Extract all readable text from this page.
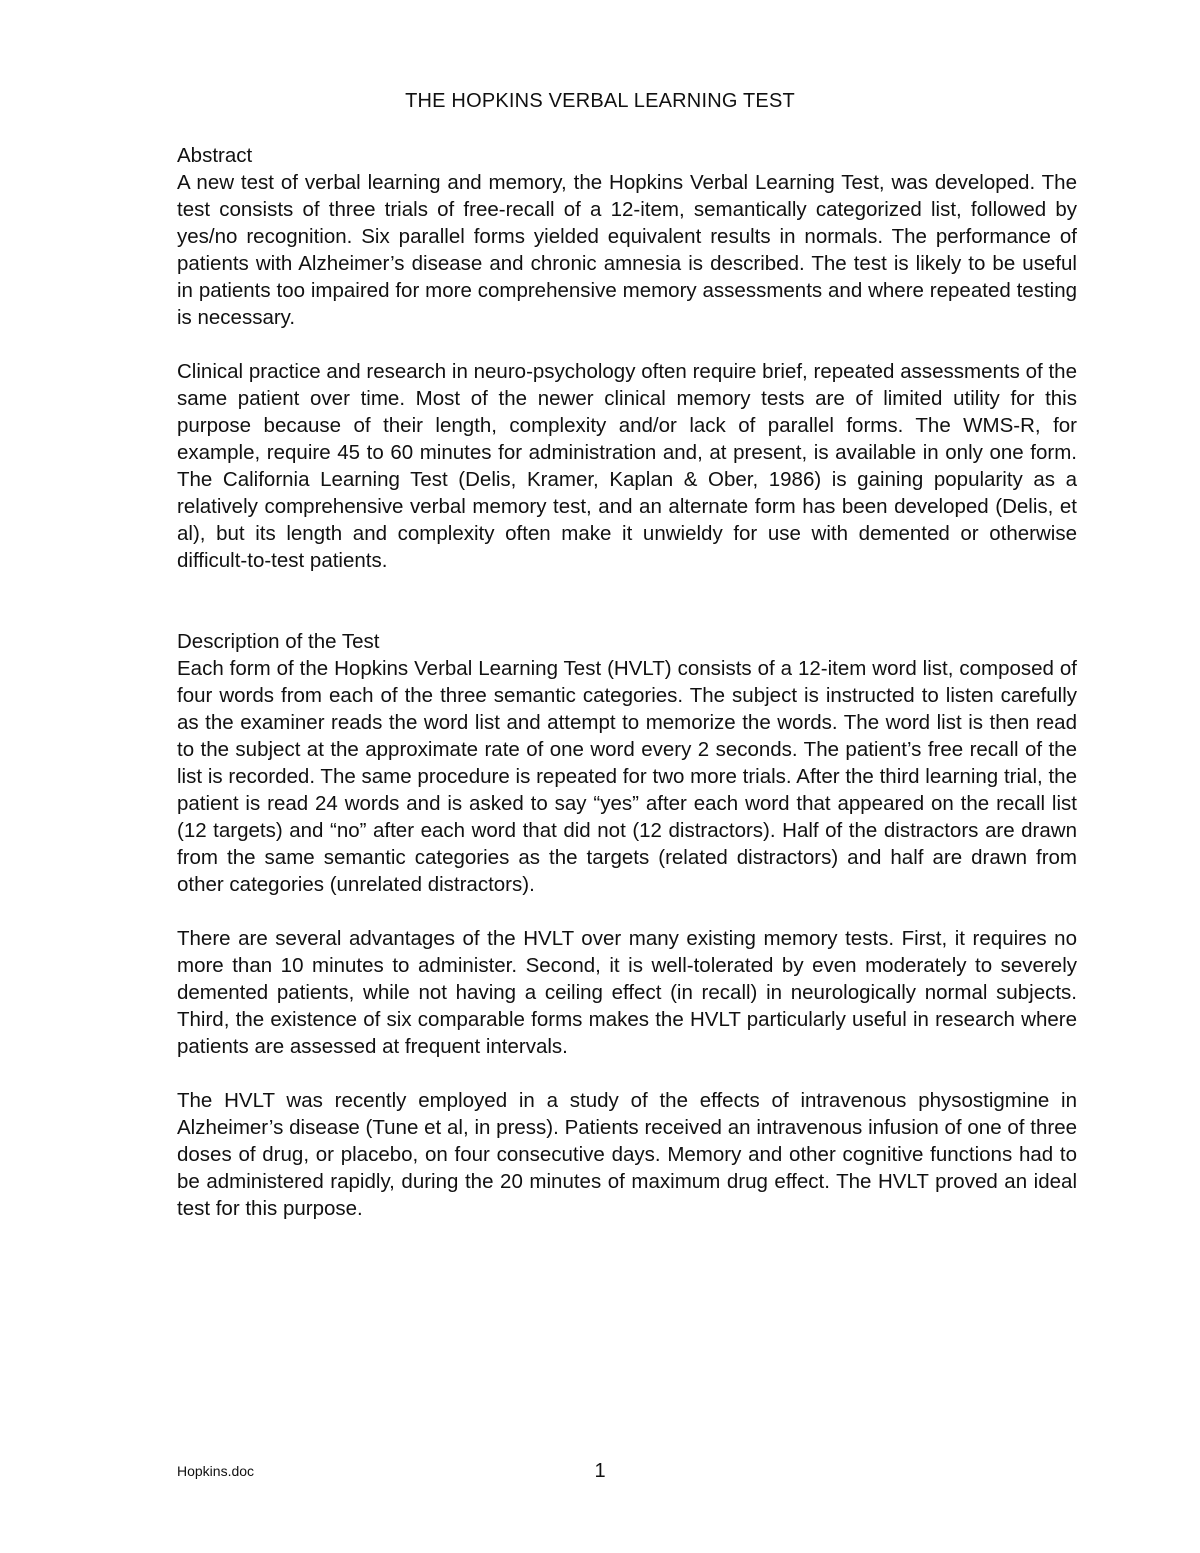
THE HOPKINS VERBAL LEARNING TEST

Abstract

A new test of verbal learning and memory, the Hopkins Verbal Learning Test, was developed. The test consists of three trials of free-recall of a 12-item, semantically categorized list, followed by yes/no recognition. Six parallel forms yielded equivalent results in normals. The performance of patients with Alzheimer’s disease and chronic amnesia is described. The test is likely to be useful in patients too impaired for more comprehensive memory assessments and where repeated testing is necessary.

Clinical practice and research in neuro-psychology often require brief, repeated assessments of the same patient over time. Most of the newer clinical memory tests are of limited utility for this purpose because of their length, complexity and/or lack of parallel forms. The WMS-R, for example, require 45 to 60 minutes for administration and, at present, is available in only one form. The California Learning Test (Delis, Kramer, Kaplan & Ober, 1986) is gaining popularity as a relatively comprehensive verbal memory test, and an alternate form has been developed (Delis, et al), but its length and complexity often make it unwieldy for use with demented or otherwise difficult-to-test patients.

Description of the Test

Each form of the Hopkins Verbal Learning Test (HVLT) consists of a 12-item word list, composed of four words from each of the three semantic categories. The subject is instructed to listen carefully as the examiner reads the word list and attempt to memorize the words. The word list is then read to the subject at the approximate rate of one word every 2 seconds. The patient’s free recall of the list is recorded. The same procedure is repeated for two more trials. After the third learning trial, the patient is read 24 words and is asked to say “yes” after each word that appeared on the recall list (12 targets) and “no” after each word that did not (12 distractors). Half of the distractors are drawn from the same semantic categories as the targets (related distractors) and half are drawn from other categories (unrelated distractors).

There are several advantages of the HVLT over many existing memory tests. First, it requires no more than 10 minutes to administer. Second, it is well-tolerated by even moderately to severely demented patients, while not having a ceiling effect (in recall) in neurologically normal subjects. Third, the existence of six comparable forms makes the HVLT particularly useful in research where patients are assessed at frequent intervals.

The HVLT was recently employed in a study of the effects of intravenous physostigmine in Alzheimer’s disease (Tune et al, in press). Patients received an intravenous infusion of one of three doses of drug, or placebo, on four consecutive days. Memory and other cognitive functions had to be administered rapidly, during the 20 minutes of maximum drug effect. The HVLT proved an ideal test for this purpose.

Hopkins.doc	1
